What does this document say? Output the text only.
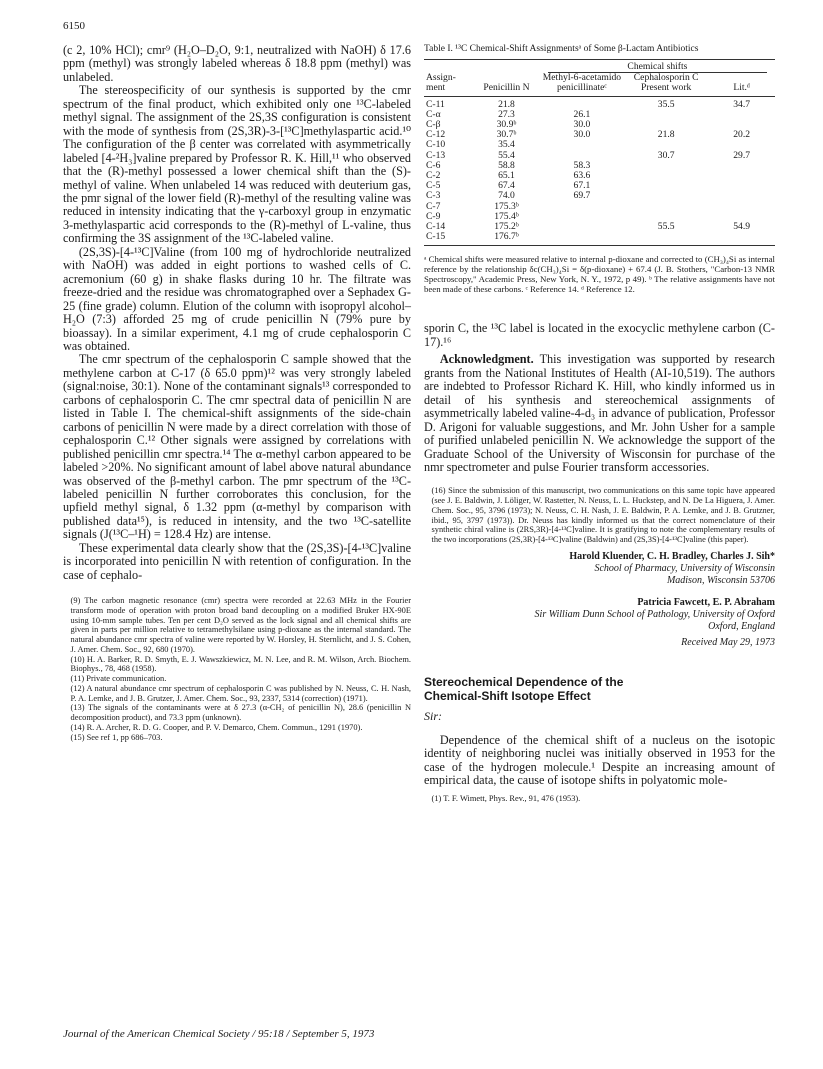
6150

(c 2, 10% HCl); cmr⁹ (H₂O–D₂O, 9:1, neutralized with NaOH) δ 17.6 ppm (methyl) was strongly labeled whereas δ 18.8 ppm (methyl) was unlabeled.

The stereospecificity of our synthesis is supported by the cmr spectrum of the final product, which exhibited only one ¹³C-labeled methyl signal. The assignment of the 2S,3S configuration is consistent with the mode of synthesis from (2S,3R)-3-[¹³C]methylaspartic acid.¹⁰ The configuration of the β center was correlated with asymmetrically labeled [4-²H₃]valine prepared by Professor R. K. Hill,¹¹ who observed that the (R)-methyl possessed a lower chemical shift than the (S)-methyl of valine. When unlabeled 14 was reduced with deuterium gas, the pmr signal of the lower field (R)-methyl of the resulting valine was reduced in intensity indicating that the γ-carboxyl group in enzymatic 3-methylaspartic acid corresponds to the (R)-methyl of L-valine, thus confirming the 3S assignment of the ¹³C-labeled valine.

(2S,3S)-[4-¹³C]Valine (from 100 mg of hydrochloride neutralized with NaOH) was added in eight portions to washed cells of C. acremonium (60 g) in shake flasks during 10 hr. The filtrate was freeze-dried and the residue was chromatographed over a Sephadex G-25 (fine grade) column. Elution of the column with isopropyl alcohol–H₂O (7:3) afforded 25 mg of crude penicillin N (79% pure by bioassay). In a similar experiment, 4.1 mg of crude cephalosporin C was obtained.

The cmr spectrum of the cephalosporin C sample showed that the methylene carbon at C-17 (δ 65.0 ppm)¹² was very strongly labeled (signal:noise, 30:1). None of the contaminant signals¹³ corresponded to carbons of cephalosporin C. The cmr spectral data of penicillin N are listed in Table I. The chemical-shift assignments of the side-chain carbons of penicillin N were made by a direct correlation with those of cephalosporin C.¹² Other signals were assigned by correlations with published penicillin cmr spectra.¹⁴ The α-methyl carbon appeared to be labeled >20%. No significant amount of label above natural abundance was observed of the β-methyl carbon. The pmr spectrum of the ¹³C-labeled penicillin N further corroborates this conclusion, for the upfield methyl signal, δ 1.32 ppm (α-methyl by comparison with published data¹⁵), is reduced in intensity, and the two ¹³C-satellite signals (J(¹³C–¹H) = 128.4 Hz) are intense.

These experimental data clearly show that the (2S,3S)-[4-¹³C]valine is incorporated into penicillin N with retention of configuration. In the case of cephalo-

(9) The carbon magnetic resonance (cmr) spectra were recorded at 22.63 MHz in the Fourier transform mode of operation with proton broad band decoupling on a modified Bruker HX-90E using 10-mm sample tubes. Ten per cent D₂O served as the lock signal and all chemical shifts are given in parts per million relative to tetramethylsilane using p-dioxane as the internal standard. The natural abundance cmr spectra of valine were reported by W. Horsley, H. Sternlicht, and J. S. Cohen, J. Amer. Chem. Soc., 92, 680 (1970).

(10) H. A. Barker, R. D. Smyth, E. J. Wawszkiewicz, M. N. Lee, and R. M. Wilson, Arch. Biochem. Biophys., 78, 468 (1958).

(11) Private communication.

(12) A natural abundance cmr spectrum of cephalosporin C was published by N. Neuss, C. H. Nash, P. A. Lemke, and J. B. Grutzer, J. Amer. Chem. Soc., 93, 2337, 5314 (correction) (1971).

(13) The signals of the contaminants were at δ 27.3 (α-CH₂ of penicillin N), 28.6 (penicillin N decomposition product), and 73.3 ppm (unknown).

(14) R. A. Archer, R. D. G. Cooper, and P. V. Demarco, Chem. Commun., 1291 (1970).

(15) See ref 1, pp 686–703.

Table I. ¹³C Chemical-Shift Assignmentsᵃ of Some β-Lactam Antibiotics

		Chemical shifts		
Assign-ment	Penicillin N	Methyl-6-acetamido penicillinateᶜ	Cephalosporin C Present work	Lit.ᵈ

C-11	21.8		35.5	34.7
C-α	27.3	26.1		
C-β	30.9ᵇ	30.0		
C-12	30.7ᵇ	30.0	21.8	20.2
C-10	35.4			
C-13	55.4		30.7	29.7
C-6	58.8	58.3		
C-2	65.1	63.6		
C-5	67.4	67.1		
C-3	74.0	69.7		
C-7	175.3ᵇ			
C-9	175.4ᵇ			
C-14	175.2ᵇ		55.5	54.9
C-15	176.7ᵇ			

ᵃ Chemical shifts were measured relative to internal p-dioxane and corrected to (CH₃)₄Si as internal reference by the relationship δc(CH₃)₄Si = δ(p-dioxane) + 67.4 (J. B. Stothers, "Carbon-13 NMR Spectroscopy," Academic Press, New York, N. Y., 1972, p 49). ᵇ The relative assignments have not been made of these carbons. ᶜ Reference 14. ᵈ Reference 12.

sporin C, the ¹³C label is located in the exocyclic methylene carbon (C-17).¹⁶

Acknowledgment. This investigation was supported by research grants from the National Institutes of Health (AI-10,519). The authors are indebted to Professor Richard K. Hill, who kindly informed us in detail of his synthesis and stereochemical assignments of asymmetrically labeled valine-4-d₃ in advance of publication, Professor D. Arigoni for valuable suggestions, and Mr. John Usher for a sample of purified unlabeled penicillin N. We acknowledge the support of the Graduate School of the University of Wisconsin for purchase of the nmr spectrometer and pulse Fourier transform accessories.

(16) Since the submission of this manuscript, two communications on this same topic have appeared (see J. E. Baldwin, J. Löliger, W. Rastetter, N. Neuss, L. L. Huckstep, and N. De La Higuera, J. Amer. Chem. Soc., 95, 3796 (1973); N. Neuss, C. H. Nash, J. E. Baldwin, P. A. Lemke, and J. B. Grutzner, ibid., 95, 3797 (1973)). Dr. Neuss has kindly informed us that the correct nomenclature of their synthetic chiral valine is (2RS,3R)-[4-¹³C]valine. It is gratifying to note the complementary results of the two incorporations (2S,3R)-[4-¹³C]valine (Baldwin) and (2S,3S)-[4-¹³C]valine (this paper).

Harold Kluender, C. H. Bradley, Charles J. Sih*

School of Pharmacy, University of Wisconsin

Madison, Wisconsin 53706

Patricia Fawcett, E. P. Abraham

Sir William Dunn School of Pathology, University of Oxford

Oxford, England

Received May 29, 1973

Stereochemical Dependence of the

Chemical-Shift Isotope Effect

Sir:

Dependence of the chemical shift of a nucleus on the isotopic identity of neighboring nuclei was initially observed in 1953 for the case of the hydrogen molecule.¹ Despite an increasing amount of empirical data, the cause of isotope shifts in polyatomic mole-

(1) T. F. Wimett, Phys. Rev., 91, 476 (1953).

Journal of the American Chemical Society / 95:18 / September 5, 1973
